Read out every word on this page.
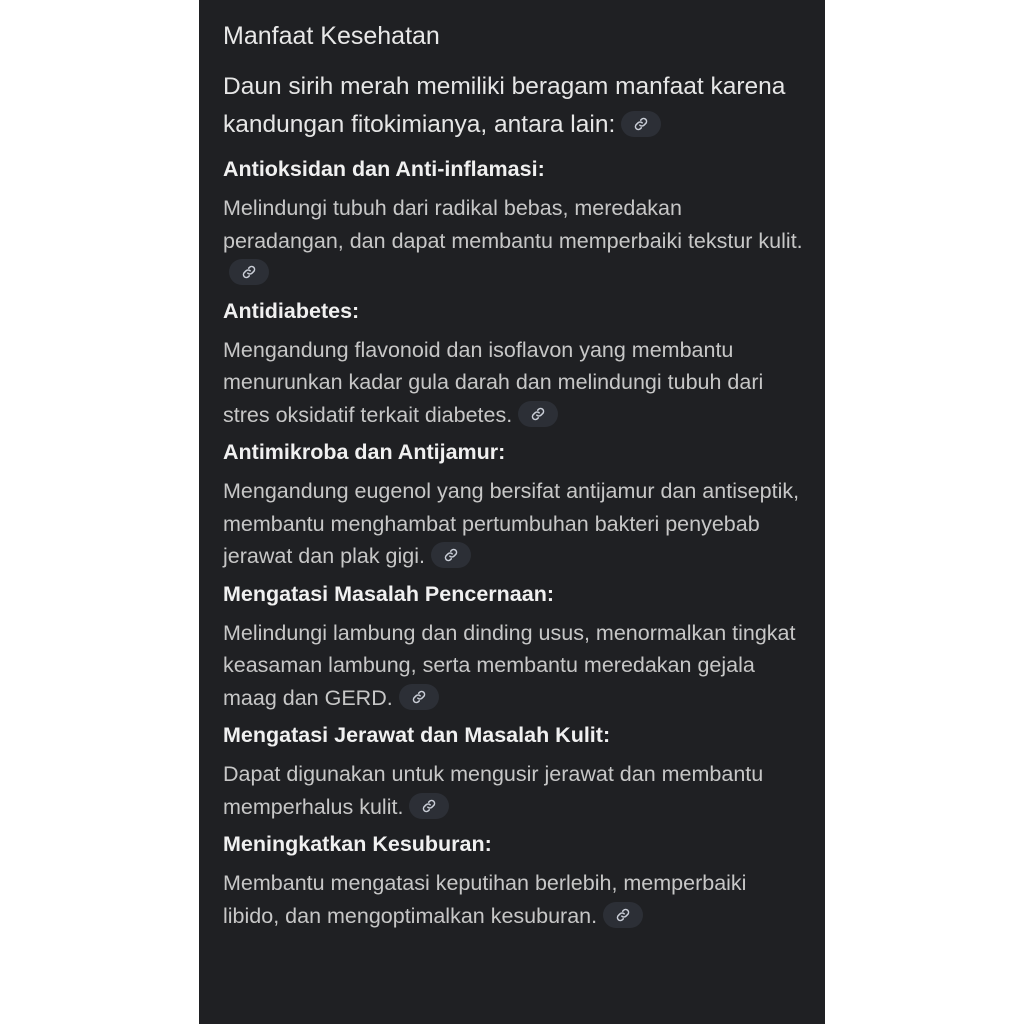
Manfaat Kesehatan

Daun sirih merah memiliki beragam manfaat karena kandungan fitokimianya, antara lain:

Antioksidan dan Anti-inflamasi:

Melindungi tubuh dari radikal bebas, meredakan peradangan, dan dapat membantu memperbaiki tekstur kulit.

Antidiabetes:

Mengandung flavonoid dan isoflavon yang membantu menurunkan kadar gula darah dan melindungi tubuh dari stres oksidatif terkait diabetes.

Antimikroba dan Antijamur:

Mengandung eugenol yang bersifat antijamur dan antiseptik, membantu menghambat pertumbuhan bakteri penyebab jerawat dan plak gigi.

Mengatasi Masalah Pencernaan:

Melindungi lambung dan dinding usus, menormalkan tingkat keasaman lambung, serta membantu meredakan gejala maag dan GERD.

Mengatasi Jerawat dan Masalah Kulit:

Dapat digunakan untuk mengusir jerawat dan membantu memperhalus kulit.

Meningkatkan Kesuburan:

Membantu mengatasi keputihan berlebih, memperbaiki libido, dan mengoptimalkan kesuburan.
